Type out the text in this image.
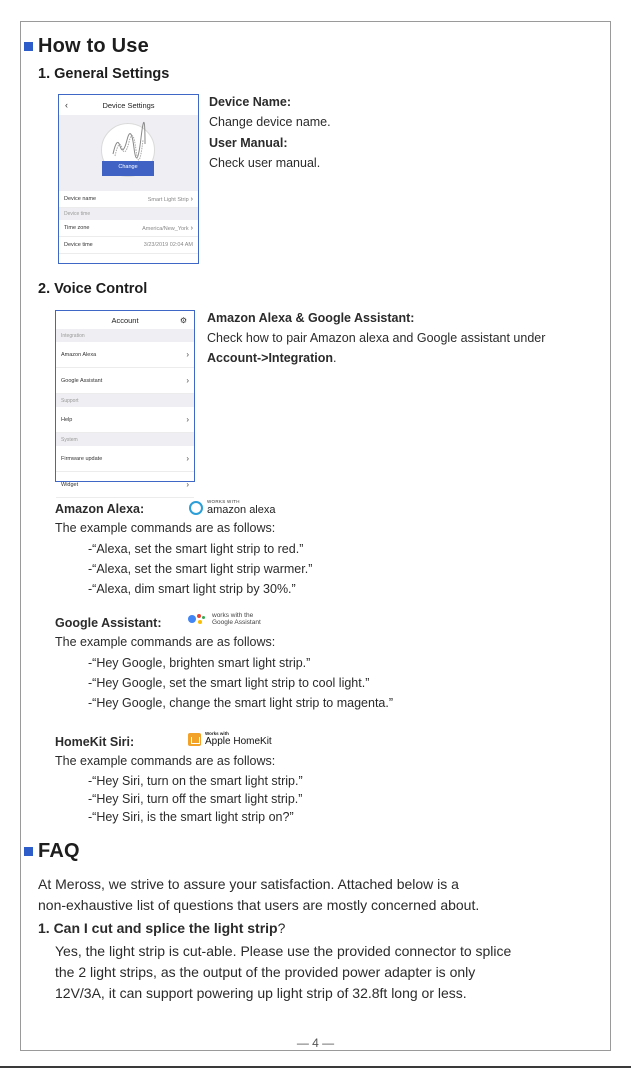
How to Use
1. General Settings
‹	Device Settings
Change
Device name	Smart Light Strip ›
Device time
Time zone	America/New_York ›
Device time	3/23/2019 02:04 AM
Device Name:
Change device name.
User Manual:
Check user manual.
2. Voice Control
Account	⚙
Integration
Amazon Alexa	›
Google Assistant	›
Support
Help	›
System
Firmware update	›
Widget	›
Amazon Alexa & Google Assistant:
Check how to pair Amazon alexa and Google assistant under
Account->Integration.
Amazon Alexa:
WORKS WITH
amazon alexa
The example commands are as follows:
-“Alexa, set the smart light strip to red.”
-“Alexa, set the smart light strip warmer.”
-“Alexa, dim smart light strip by 30%.”
Google Assistant:
works with the
Google Assistant
The example commands are as follows:
-“Hey Google, brighten smart light strip.”
-“Hey Google, set the smart light strip to cool light.”
-“Hey Google, change the smart light strip to magenta.”
HomeKit Siri:
Works with
Apple HomeKit
The example commands are as follows:
-“Hey Siri, turn on the smart light strip.”
-“Hey Siri, turn off the smart light strip.”
-“Hey Siri, is the smart light strip on?”
FAQ
At Meross, we strive to assure your satisfaction. Attached below is a
non-exhaustive list of questions that users are mostly concerned about.
1. Can I cut and splice the light strip?
Yes, the light strip is cut-able. Please use the provided connector to splice
the 2 light strips, as the output of the provided power adapter is only
12V/3A, it can support powering up light strip of 32.8ft long or less.
— 4 —
